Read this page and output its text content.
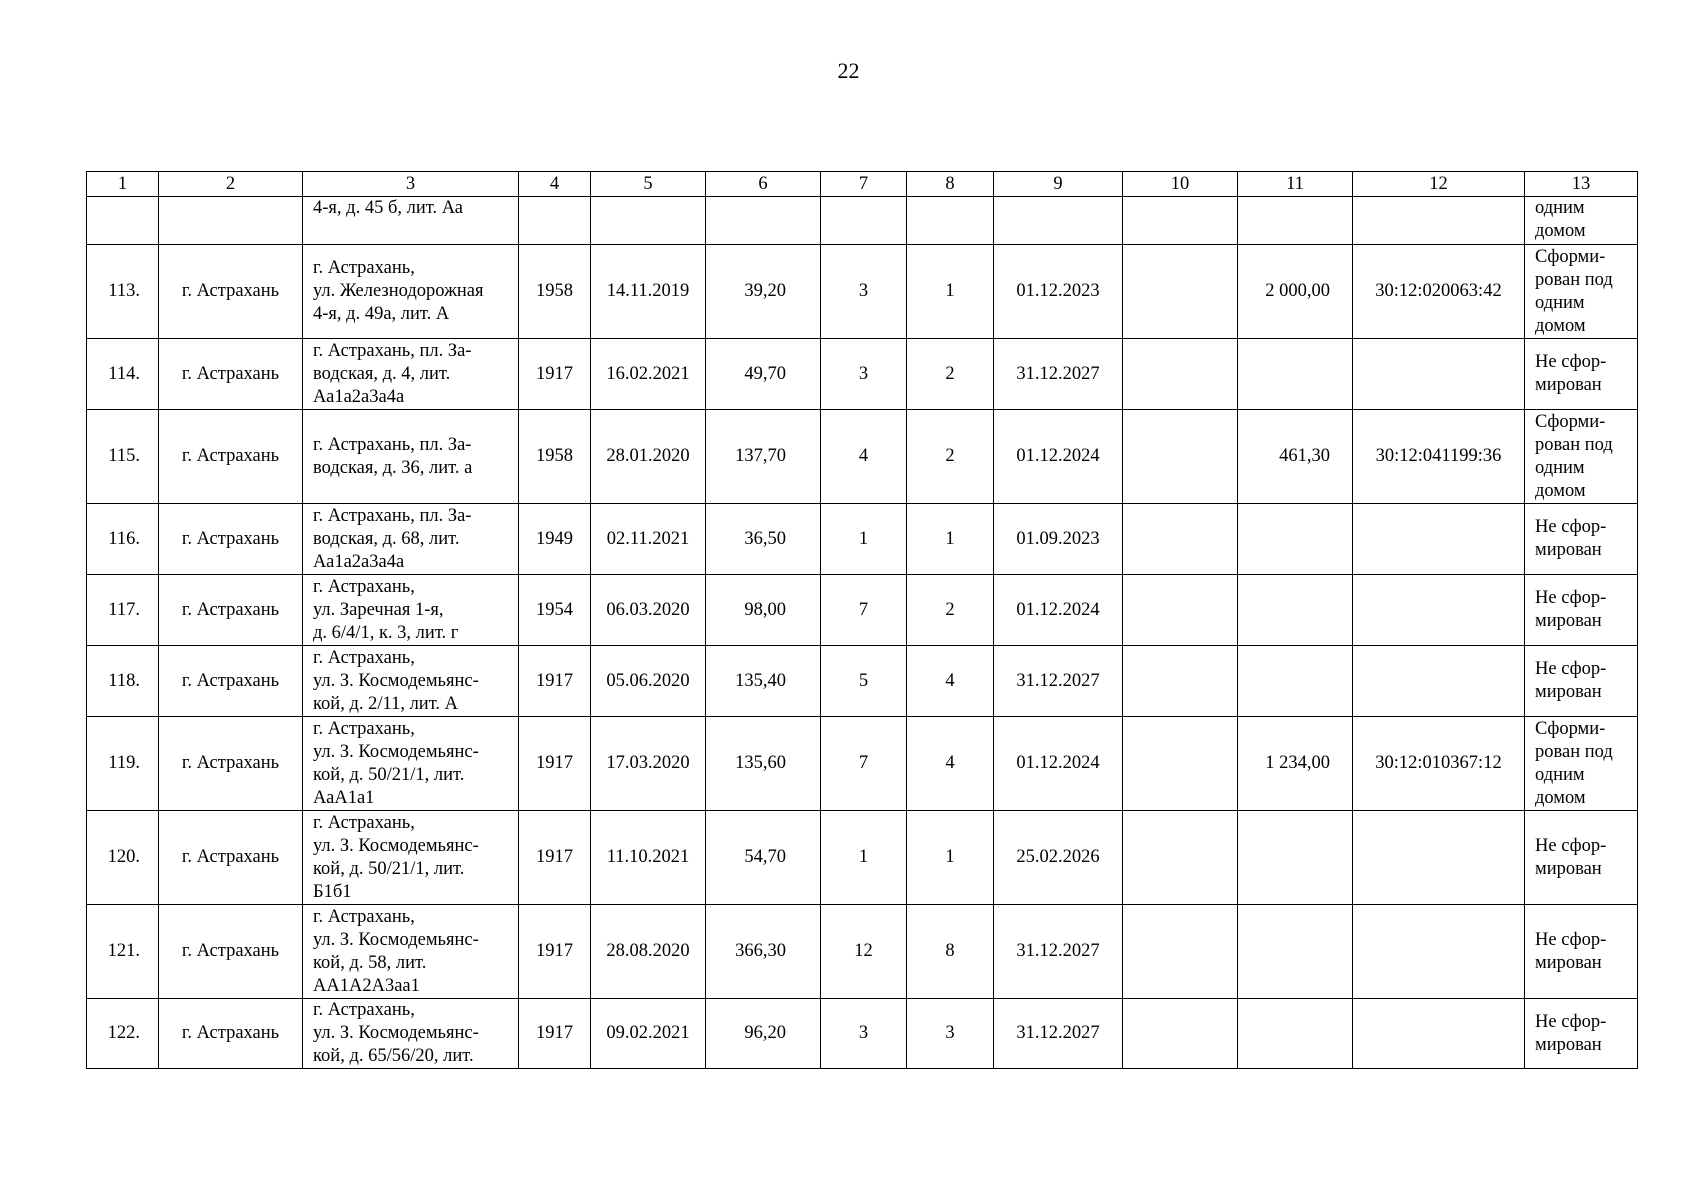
22
1	2	3	4	5	6	7	8	9	10	11	12	13

		4-я, д. 45 б, лит. Аа										одним
домом

113.	г. Астрахань	г. Астрахань,
ул. Железнодорожная
4-я, д. 49а, лит. А	1958	14.11.2019	39,20	3	1	01.12.2023		2 000,00	30:12:020063:42	Сформи-
рован под
одним
домом

114.	г. Астрахань	г. Астрахань, пл. За-
водская, д. 4, лит.
Аа1а2а3а4а	1917	16.02.2021	49,70	3	2	31.12.2027				Не сфор-
мирован

115.	г. Астрахань	г. Астрахань, пл. За-
водская, д. 36, лит. а	1958	28.01.2020	137,70	4	2	01.12.2024		461,30	30:12:041199:36	Сформи-
рован под
одним
домом

116.	г. Астрахань	г. Астрахань, пл. За-
водская, д. 68, лит.
Аа1а2а3а4а	1949	02.11.2021	36,50	1	1	01.09.2023				Не сфор-
мирован

117.	г. Астрахань	г. Астрахань,
ул. Заречная 1-я,
д. 6/4/1, к. 3, лит. г	1954	06.03.2020	98,00	7	2	01.12.2024				Не сфор-
мирован

118.	г. Астрахань	г. Астрахань,
ул. З. Космодемьянс-
кой, д. 2/11, лит. А	1917	05.06.2020	135,40	5	4	31.12.2027				Не сфор-
мирован

119.	г. Астрахань	г. Астрахань,
ул. З. Космодемьянс-
кой, д. 50/21/1, лит.
АаА1а1	1917	17.03.2020	135,60	7	4	01.12.2024		1 234,00	30:12:010367:12	Сформи-
рован под
одним
домом

120.	г. Астрахань	г. Астрахань,
ул. З. Космодемьянс-
кой, д. 50/21/1, лит.
Б1б1	1917	11.10.2021	54,70	1	1	25.02.2026				Не сфор-
мирован

121.	г. Астрахань	г. Астрахань,
ул. З. Космодемьянс-
кой, д. 58, лит.
АА1А2А3аа1	1917	28.08.2020	366,30	12	8	31.12.2027				Не сфор-
мирован

122.	г. Астрахань	г. Астрахань,
ул. З. Космодемьянс-
кой, д. 65/56/20, лит.	1917	09.02.2021	96,20	3	3	31.12.2027				Не сфор-
мирован
